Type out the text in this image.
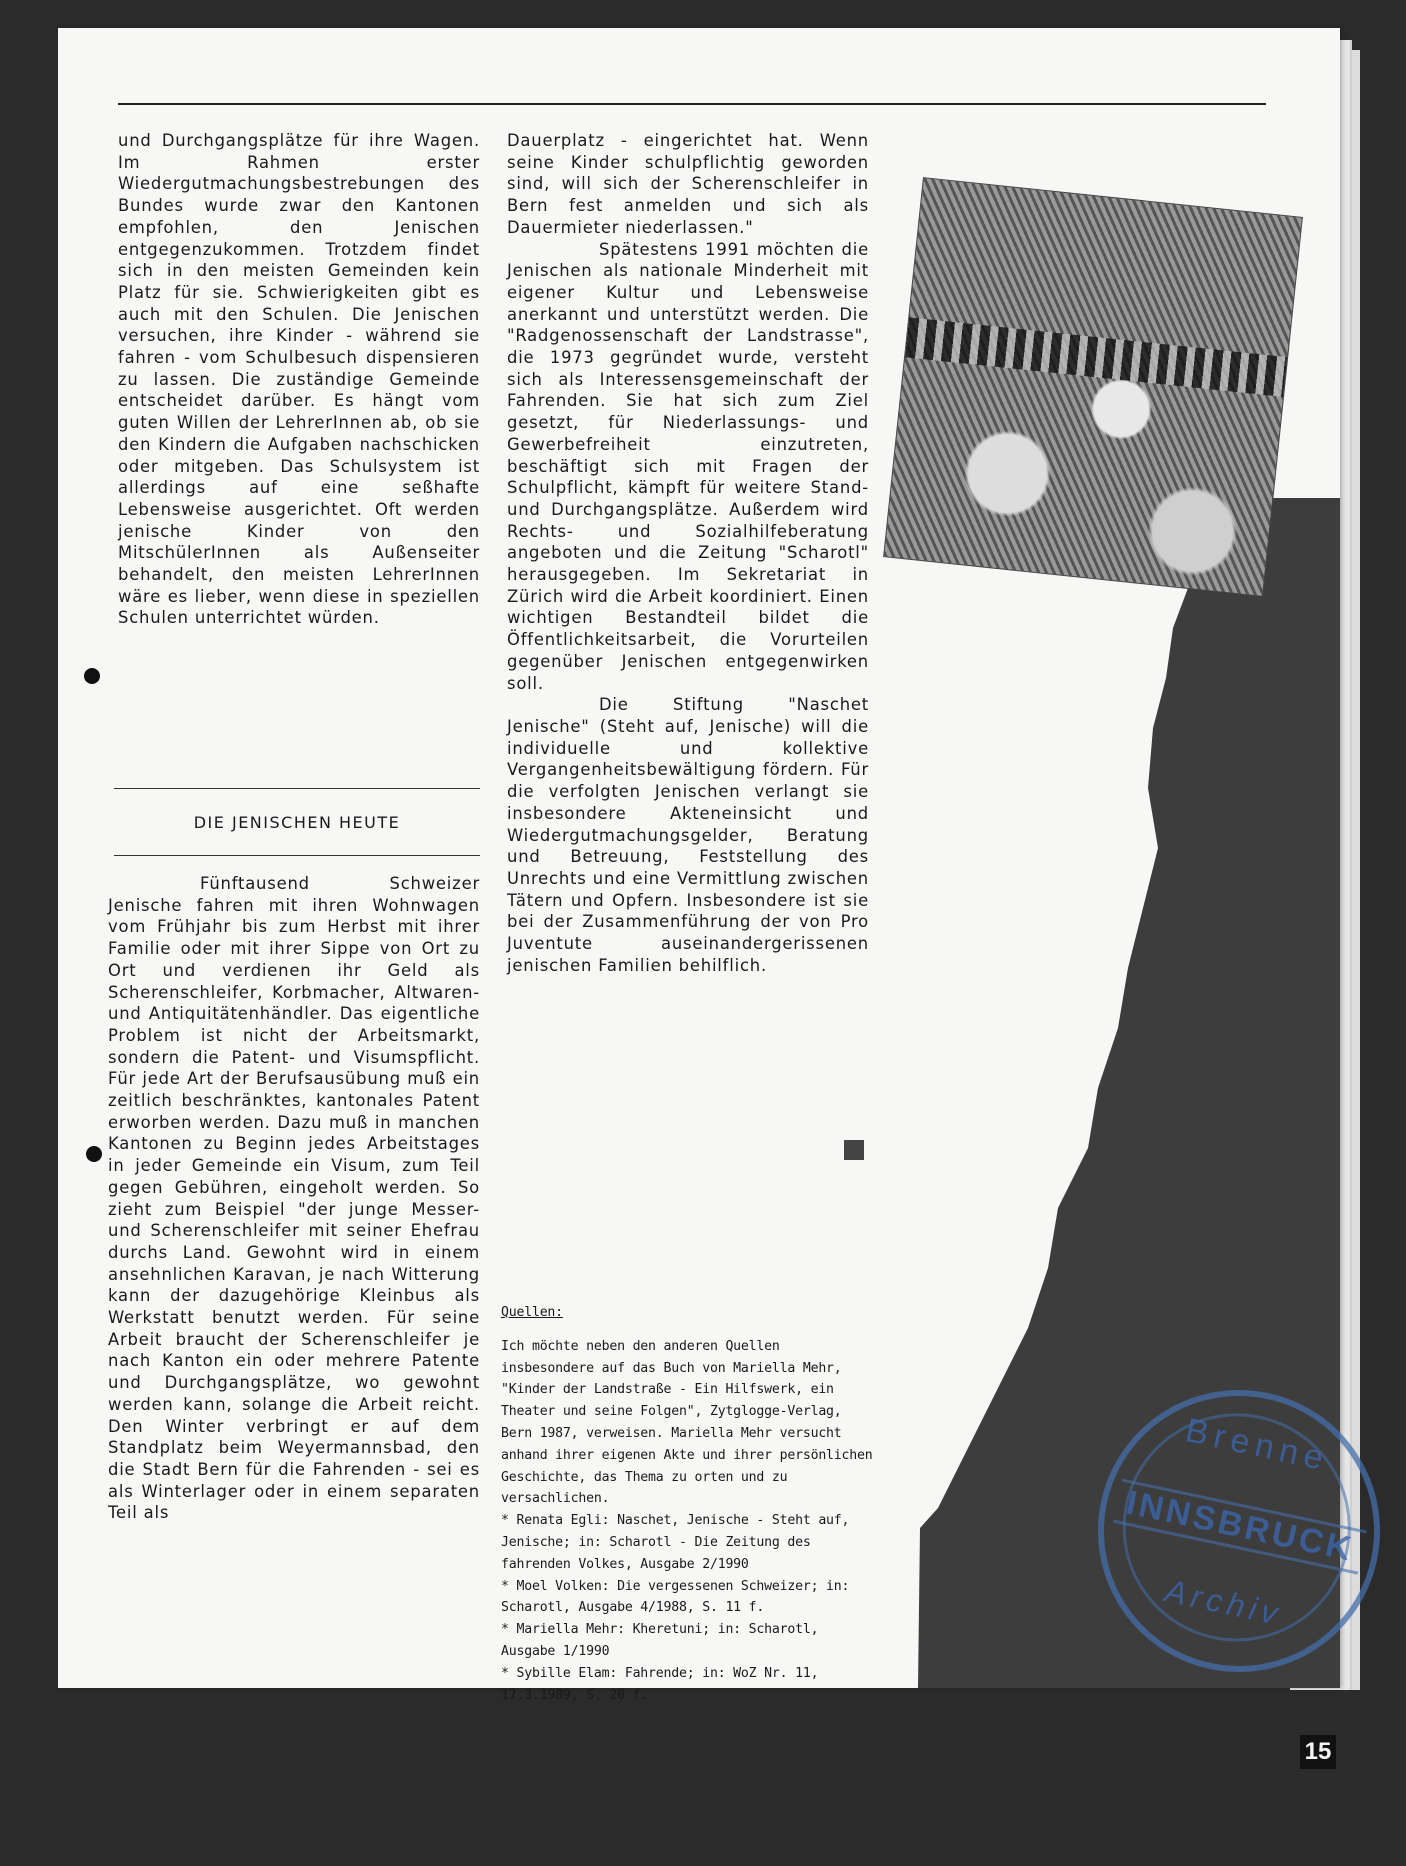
und Durchgangsplätze für ihre Wagen. Im Rahmen erster Wiedergutmachungsbestrebungen des Bundes wurde zwar den Kantonen empfohlen, den Jenischen entgegenzukommen. Trotzdem findet sich in den meisten Gemeinden kein Platz für sie. Schwierigkeiten gibt es auch mit den Schulen. Die Jenischen versuchen, ihre Kinder - während sie fahren - vom Schulbesuch dispensieren zu lassen. Die zuständige Gemeinde entscheidet darüber. Es hängt vom guten Willen der LehrerInnen ab, ob sie den Kindern die Aufgaben nachschicken oder mitgeben. Das Schulsystem ist allerdings auf eine seßhafte Lebensweise ausgerichtet. Oft werden jenische Kinder von den MitschülerInnen als Außenseiter behandelt, den meisten LehrerInnen wäre es lieber, wenn diese in speziellen Schulen unterrichtet würden.

DIE JENISCHEN HEUTE

Fünftausend Schweizer Jenische fahren mit ihren Wohnwagen vom Frühjahr bis zum Herbst mit ihrer Familie oder mit ihrer Sippe von Ort zu Ort und verdienen ihr Geld als Scherenschleifer, Korbmacher, Altwaren- und Antiquitätenhändler. Das eigentliche Problem ist nicht der Arbeitsmarkt, sondern die Patent- und Visumspflicht. Für jede Art der Berufsausübung muß ein zeitlich beschränktes, kantonales Patent erworben werden. Dazu muß in manchen Kantonen zu Beginn jedes Arbeitstages in jeder Gemeinde ein Visum, zum Teil gegen Gebühren, eingeholt werden. So zieht zum Beispiel "der junge Messer- und Scherenschleifer mit seiner Ehefrau durchs Land. Gewohnt wird in einem ansehnlichen Karavan, je nach Witterung kann der dazugehörige Kleinbus als Werkstatt benutzt werden. Für seine Arbeit braucht der Scherenschleifer je nach Kanton ein oder mehrere Patente und Durchgangsplätze, wo gewohnt werden kann, solange die Arbeit reicht. Den Winter verbringt er auf dem Standplatz beim Weyermannsbad, den die Stadt Bern für die Fahrenden - sei es als Winterlager oder in einem separaten Teil als

Dauerplatz - eingerichtet hat. Wenn seine Kinder schulpflichtig geworden sind, will sich der Scherenschleifer in Bern fest anmelden und sich als Dauermieter niederlassen."

Spätestens 1991 möchten die Jenischen als nationale Minderheit mit eigener Kultur und Lebensweise anerkannt und unterstützt werden. Die "Radgenossenschaft der Landstrasse", die 1973 gegründet wurde, versteht sich als Interessensgemeinschaft der Fahrenden. Sie hat sich zum Ziel gesetzt, für Niederlassungs- und Gewerbefreiheit einzutreten, beschäftigt sich mit Fragen der Schulpflicht, kämpft für weitere Stand- und Durchgangsplätze. Außerdem wird Rechts- und Sozialhilfeberatung angeboten und die Zeitung "Scharotl" herausgegeben. Im Sekretariat in Zürich wird die Arbeit koordiniert. Einen wichtigen Bestandteil bildet die Öffentlichkeitsarbeit, die Vorurteilen gegenüber Jenischen entgegenwirken soll.

Die Stiftung "Naschet Jenische" (Steht auf, Jenische) will die individuelle und kollektive Vergangenheitsbewältigung fördern. Für die verfolgten Jenischen verlangt sie insbesondere Akteneinsicht und Wiedergutmachungsgelder, Beratung und Betreuung, Feststellung des Unrechts und eine Vermittlung zwischen Tätern und Opfern. Insbesondere ist sie bei der Zusammenführung der von Pro Juventute auseinandergerissenen jenischen Familien behilflich.

Quellen:

Ich möchte neben den anderen Quellen insbesondere auf das Buch von Mariella Mehr, "Kinder der Landstraße - Ein Hilfswerk, ein Theater und seine Folgen", Zytglogge-Verlag, Bern 1987, verweisen. Mariella Mehr versucht anhand ihrer eigenen Akte und ihrer persönlichen Geschichte, das Thema zu orten und zu versachlichen.

* Renata Egli: Naschet, Jenische - Steht auf, Jenische; in: Scharotl - Die Zeitung des fahrenden Volkes, Ausgabe 2/1990

* Moel Volken: Die vergessenen Schweizer; in: Scharotl, Ausgabe 4/1988, S. 11 f.

* Mariella Mehr: Kheretuni; in: Scharotl, Ausgabe 1/1990

* Sybille Elam: Fahrende; in: WoZ Nr. 11, 17.3.1989, S. 20 f.

15
Brenne
INNSBRUCK
Archiv
